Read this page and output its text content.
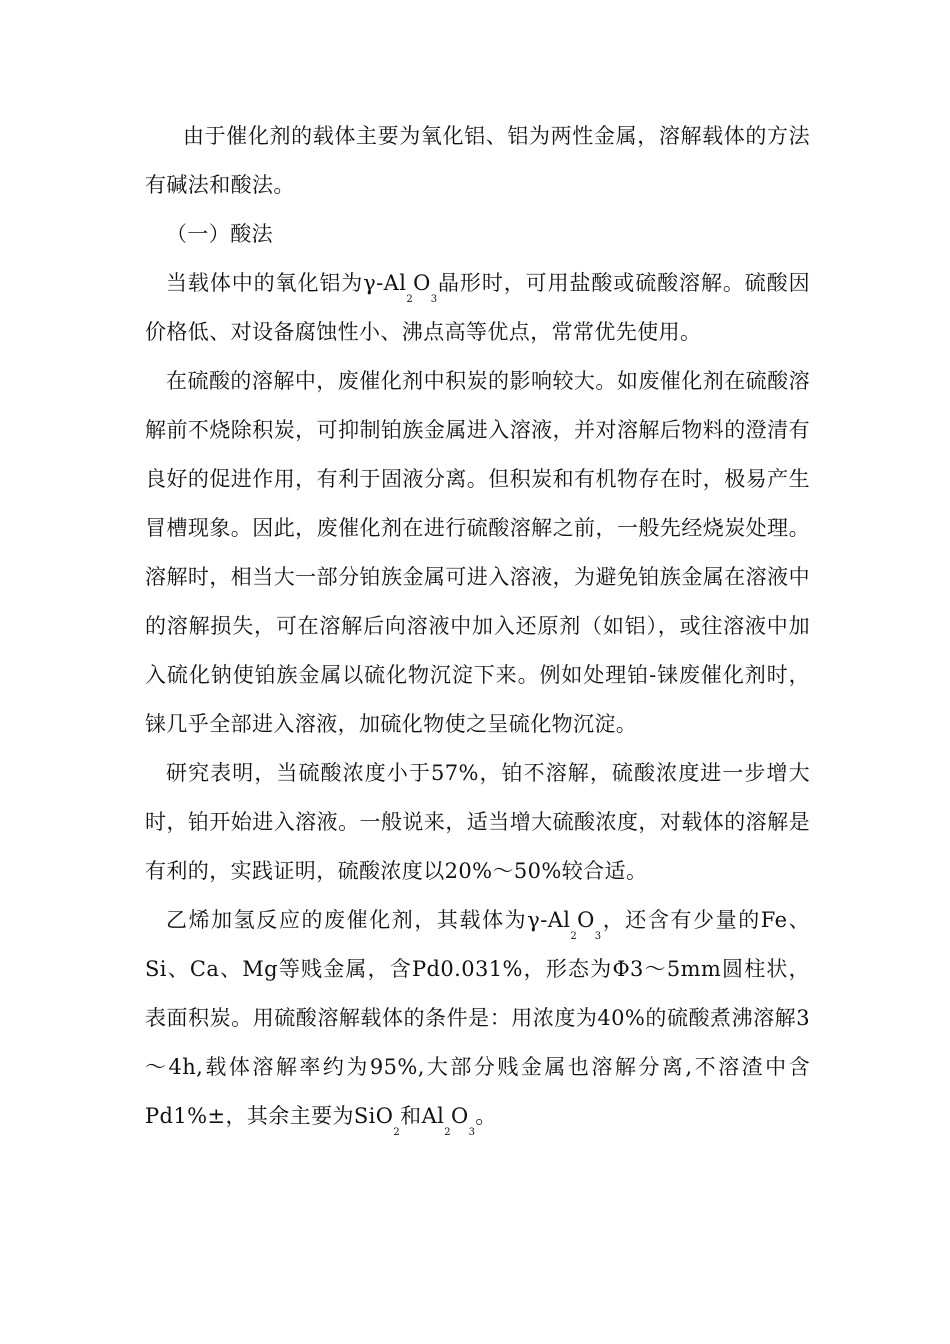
由于催化剂的载体主要为氧化铝、铝为两性金属，溶解载体的方法有碱法和酸法。

（一）酸法

当载体中的氧化铝为$\gamma-Al_2O_3$晶形时，可用盐酸或硫酸溶解。硫酸因价格低、对设备腐蚀性小、沸点高等优点，常常优先使用。

在硫酸的溶解中，废催化剂中积炭的影响较大。如废催化剂在硫酸溶解前不烧除积炭，可抑制铂族金属进入溶液，并对溶解后物料的澄清有良好的促进作用，有利于固液分离。但积炭和有机物存在时，极易产生冒槽现象。因此，废催化剂在进行硫酸溶解之前，一般先经烧炭处理。溶解时，相当大一部分铂族金属可进入溶液，为避免铂族金属在溶液中的溶解损失，可在溶解后向溶液中加入还原剂（如铝），或往溶液中加入硫化钠使铂族金属以硫化物沉淀下来。例如处理铂-铼废催化剂时，铼几乎全部进入溶液，加硫化物使之呈硫化物沉淀。

研究表明，当硫酸浓度小于57%，铂不溶解，硫酸浓度进一步增大时，铂开始进入溶液。一般说来，适当增大硫酸浓度，对载体的溶解是有利的，实践证明，硫酸浓度以20%～50%较合适。

乙烯加氢反应的废催化剂，其载体为$\gamma-Al_2O_3$，还含有少量的Fe、Si、Ca、Mg等贱金属，含Pd0.031%，形态为Φ3～5mm圆柱状，表面积炭。用硫酸溶解载体的条件是：用浓度为40%的硫酸煮沸溶解3～4h,载体溶解率约为95%,大部分贱金属也溶解分离,不溶渣中含Pd1%±，其余主要为SiO$_2$和$Al_2O_3$。
